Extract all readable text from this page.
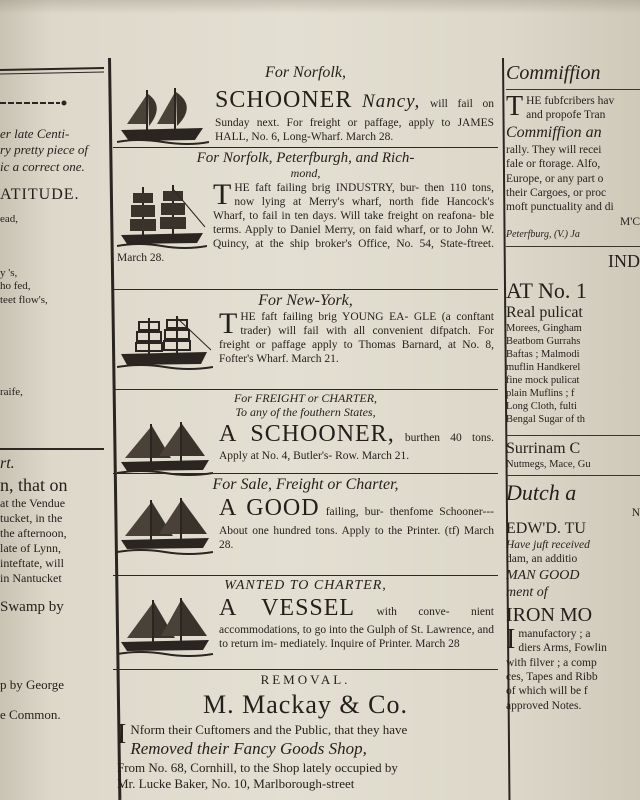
er late Centi-
ry pretty piece of
ic a correct one.
ATITUDE.
ead,
y 's,
ho fed,
teet flow's,
raife,
rt.
n, that on
at the Vendue
tucket, in the
the afternoon,
late of Lynn,
inteftate, will
in Nantucket
Swamp by
p by George
e Common.
For Norfolk,
SCHOONER Nancy, will fail on Sunday next. For freight or paffage, apply to JAMES HALL, No. 6, Long-Wharf. March 28.
For Norfolk, Peterfburgh, and Rich-
mond,
THE faft failing brig INDUSTRY, bur- then 110 tons, now lying at Merry's wharf, north fide Hancock's Wharf, to fail in ten days. Will take freight on reafona- ble terms. Apply to Daniel Merry, on faid wharf, or to John W. Quincy, at the ship broker's Office, No. 54, State-ftreet. March 28.
For New-York,
THE faft failing brig YOUNG EA- GLE (a conftant trader) will fail with all convenient difpatch. For freight or paffage apply to Thomas Barnard, at No. 8, Fofter's Wharf. March 21.
For FREIGHT or CHARTER,
To any of the fouthern States,
A SCHOONER, burthen 40 tons. Apply at No. 4, Butler's- Row. March 21.
For Sale, Freight or Charter,
A GOOD failing, bur- thenfome Schooner---About one hundred tons. Apply to the Printer. (tf) March 28.
WANTED TO CHARTER,
A VESSEL with conve- nient accommodations, to go into the Gulph of St. Lawrence, and to return im- mediately. Inquire of Printer. March 28
REMOVAL.
M. Mackay & Co.
I Nform their Cuftomers and the Public, that they have
Removed their Fancy Goods Shop,
From No. 68, Cornhill, to the Shop lately occupied by
Mr. Lucke Baker, No. 10, Marlborough-street
Commiffion
T HE fubfcribers hav
and propofe Tran
Commiffion an
rally. They will recei
fale or ftorage. Alfo,
Europe, or any part o
their Cargoes, or proc
moft punctuality and di
M'C
Peterfburg, (V.) Ja
IND
AT No. 1
Real pulicat
Morees, Gingham
Beatbom Gurrahs
Baftas ; Malmodi
muflin Handkerel
fine mock pulicat
plain Muflins ; f
Long Cloth, fulti
Bengal Sugar of th
Surrinam C
Nutmegs, Mace, Gu
Dutch a
N
EDW'D. TU
Have juft received
dam, an additio
MAN GOOD
ment of
IRON MO
I manufactory ; a
diers Arms, Fowlin
with filver ; a comp
ces, Tapes and Ribb
of which will be f
approved Notes.
